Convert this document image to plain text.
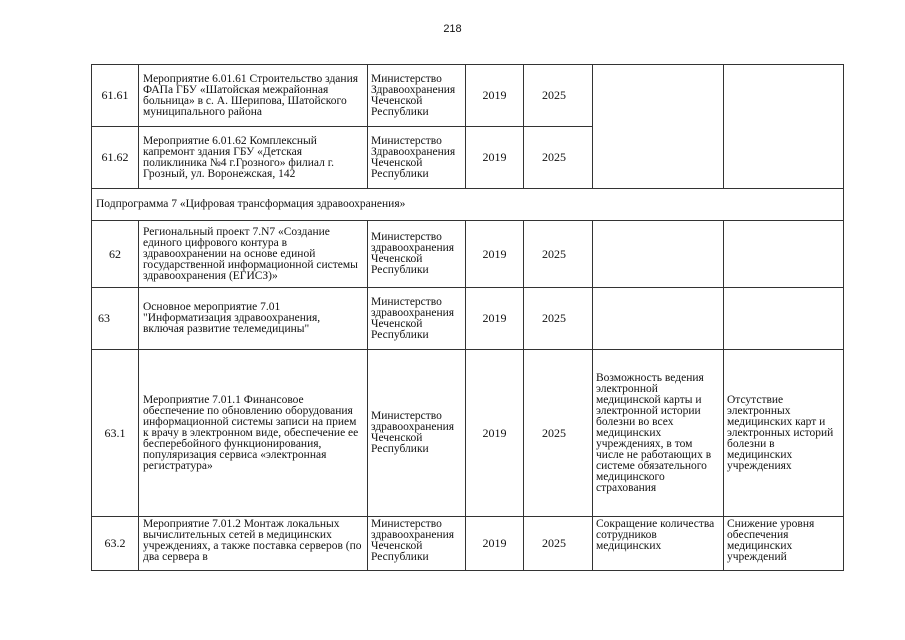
218
61.61	Мероприятие 6.01.61 Строительство здания ФАПа ГБУ «Шатойская межрайонная больница» в с. А. Шерипова, Шатойского муниципального района	Министерство Здравоохранения Чеченской Республики	2019	2025		
61.62	Мероприятие 6.01.62 Комплексный капремонт здания ГБУ «Детская поликлиника №4 г.Грозного» филиал г. Грозный, ул. Воронежская, 142	Министерство Здравоохранения Чеченской Республики	2019	2025		
Подпрограмма 7 «Цифровая трансформация здравоохранения»						
62	Региональный проект 7.N7 «Создание единого цифрового контура в здравоохранении на основе единой государственной информационной системы здравоохранения (ЕГИСЗ)»	Министерство здравоохранения Чеченской Республики	2019	2025		
63	Основное мероприятие 7.01 "Информатизация здравоохранения, включая развитие телемедицины"	Министерство здравоохранения Чеченской Республики	2019	2025		
63.1	Мероприятие 7.01.1 Финансовое обеспечение по обновлению оборудования информационной системы записи на прием к врачу в электронном виде, обеспечение ее бесперебойного функционирования, популяризация сервиса «электронная регистратура»	Министерство здравоохранения Чеченской Республики	2019	2025	Возможность ведения электронной медицинской карты и электронной истории болезни во всех медицинских учреждениях, в том числе не работающих в системе обязательного медицинского страхования	Отсутствие электронных медицинских карт и электронных историй болезни в медицинских учреждениях
63.2	Мероприятие 7.01.2 Монтаж локальных вычислительных сетей в медицинских учреждениях, а также поставка серверов (по два сервера в	Министерство здравоохранения Чеченской Республики	2019	2025	Сокращение количества сотрудников медицинских	Снижение уровня обеспечения медицинских учреждений
